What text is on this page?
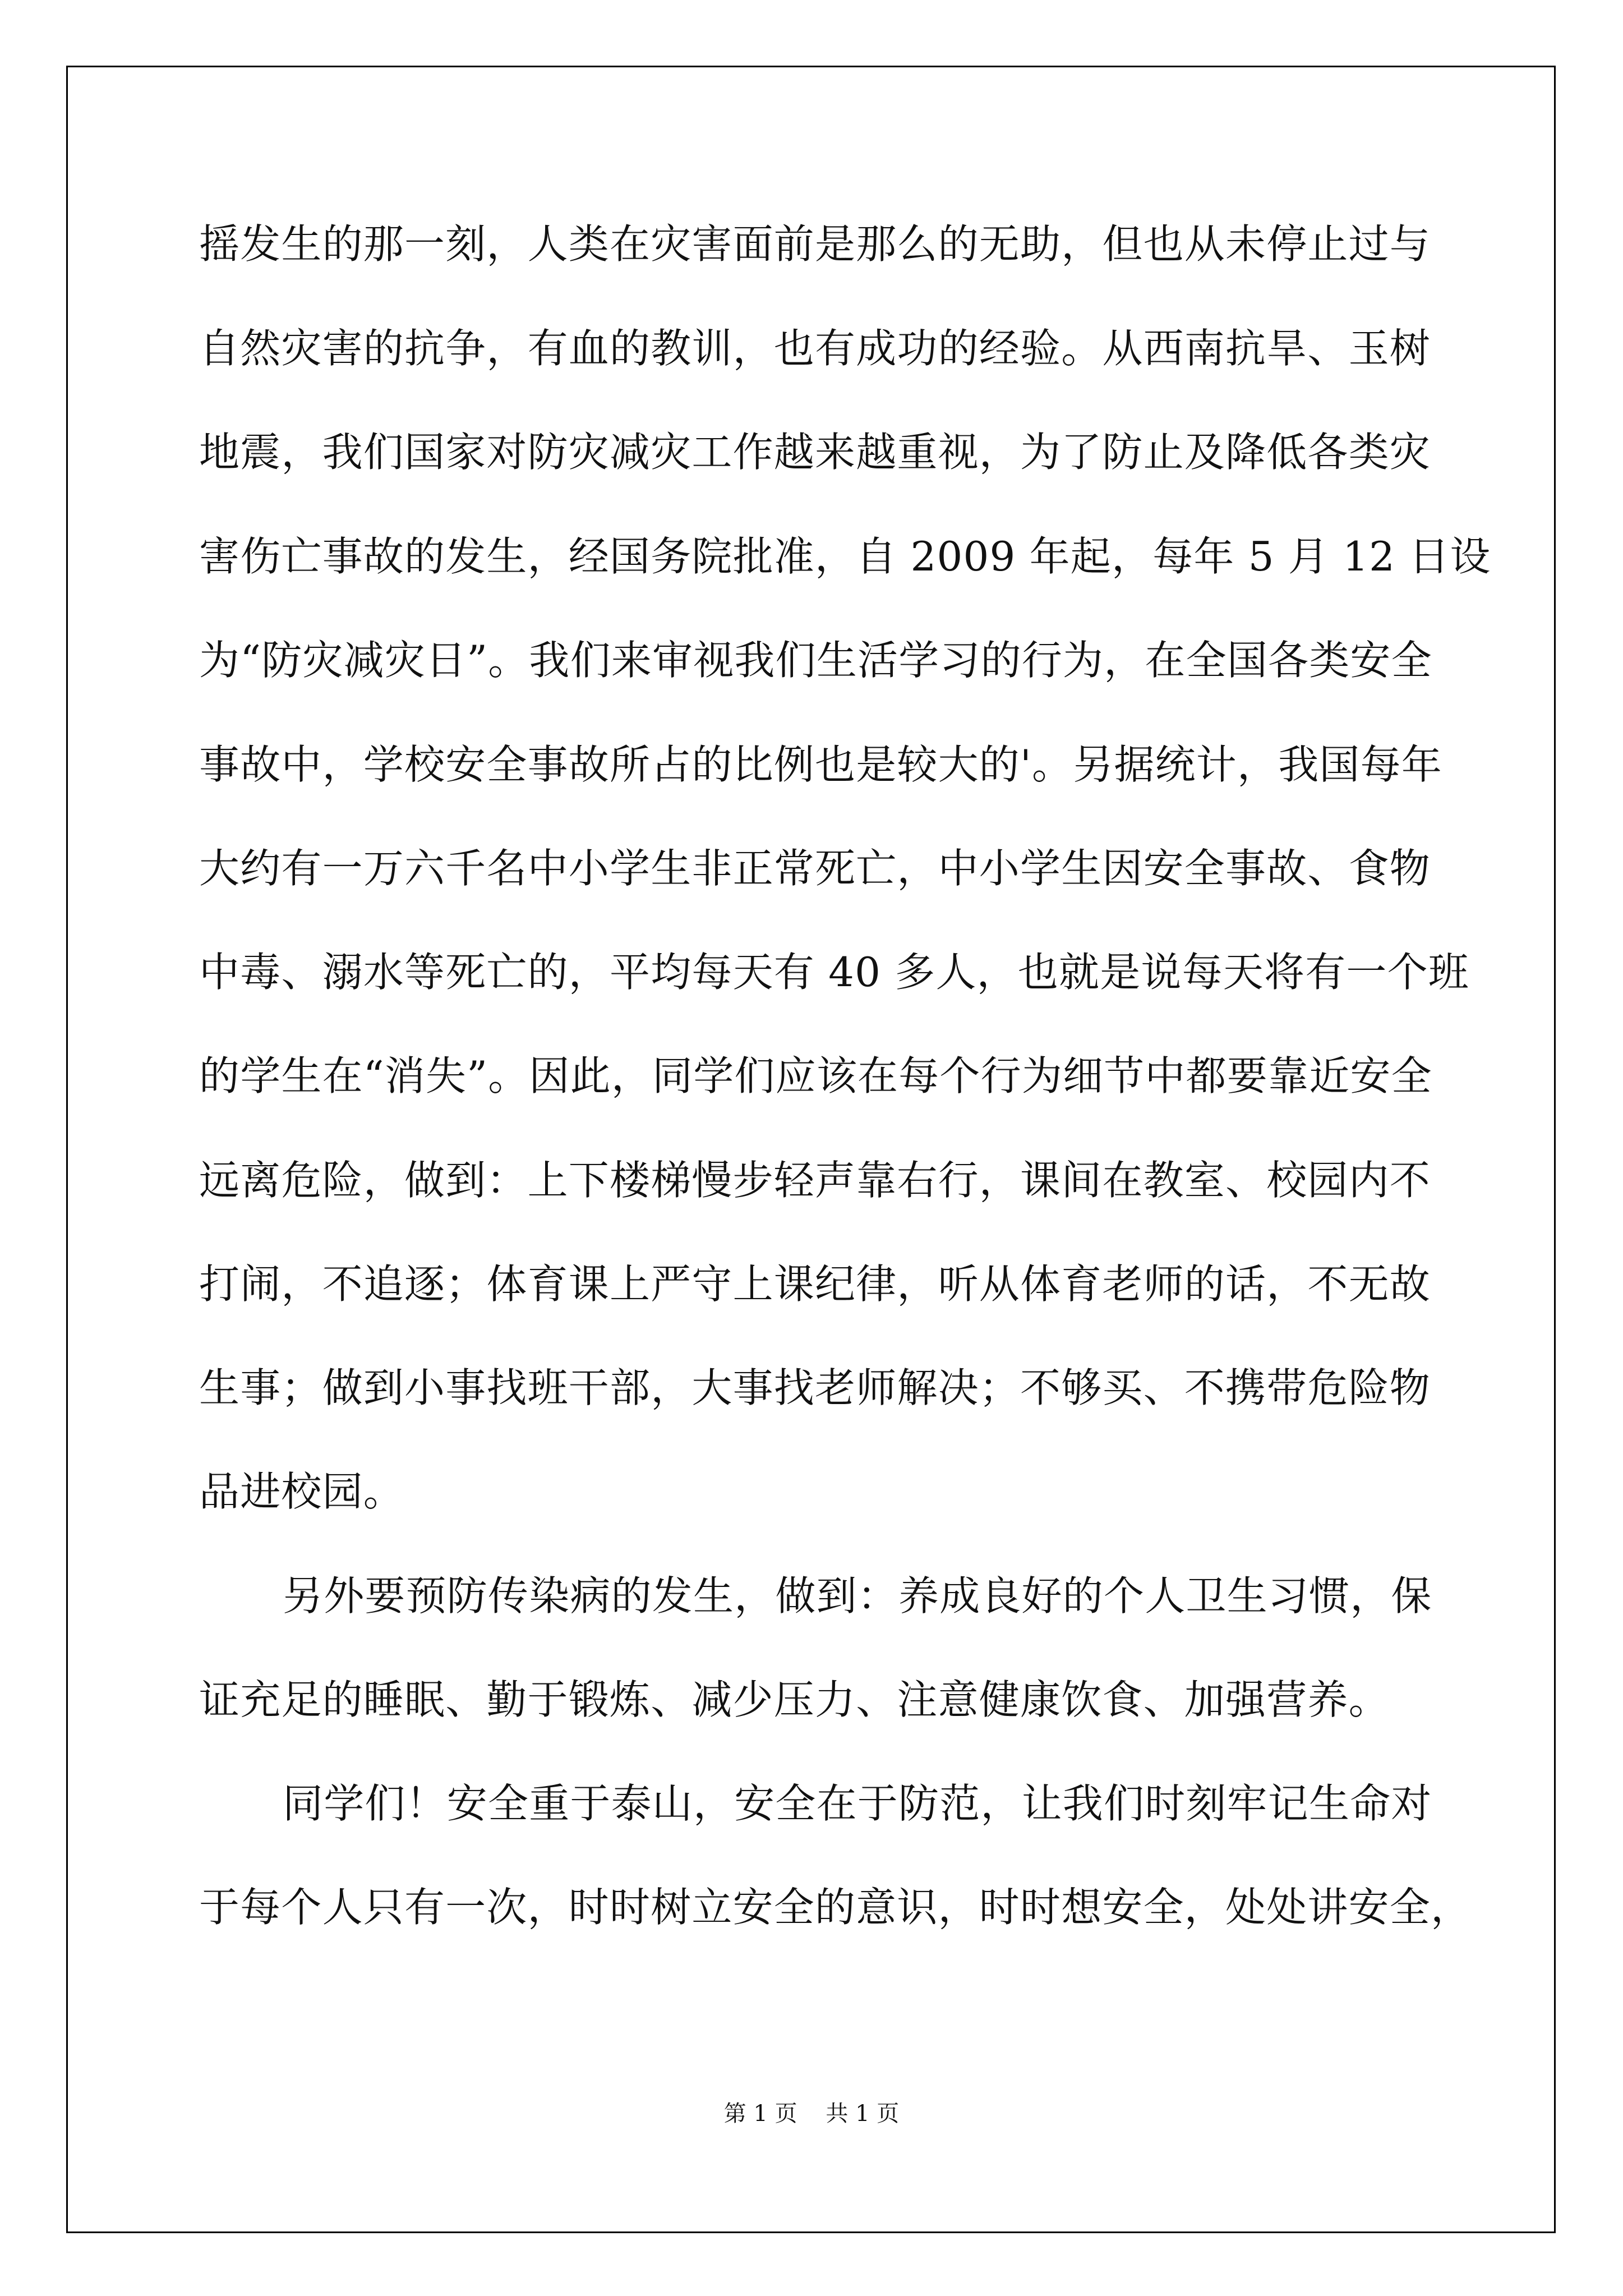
摇发生的那一刻，人类在灾害面前是那么的无助，但也从未停止过与
自然灾害的抗争，有血的教训，也有成功的经验。从西南抗旱、玉树
地震，我们国家对防灾减灾工作越来越重视，为了防止及降低各类灾
害伤亡事故的发生，经国务院批准，自 2009 年起，每年 5 月 12 日设
为“防灾减灾日”。我们来审视我们生活学习的行为，在全国各类安全
事故中，学校安全事故所占的比例也是较大的'。另据统计，我国每年
大约有一万六千名中小学生非正常死亡，中小学生因安全事故、食物
中毒、溺水等死亡的，平均每天有 40 多人，也就是说每天将有一个班
的学生在“消失”。因此，同学们应该在每个行为细节中都要靠近安全
远离危险，做到：上下楼梯慢步轻声靠右行，课间在教室、校园内不
打闹，不追逐；体育课上严守上课纪律，听从体育老师的话，不无故
生事；做到小事找班干部，大事找老师解决；不够买、不携带危险物
品进校园。
另外要预防传染病的发生，做到：养成良好的个人卫生习惯，保
证充足的睡眠、勤于锻炼、减少压力、注意健康饮食、加强营养。
同学们！安全重于泰山，安全在于防范，让我们时刻牢记生命对
于每个人只有一次，时时树立安全的意识，时时想安全，处处讲安全，
第 1 页    共 1 页
